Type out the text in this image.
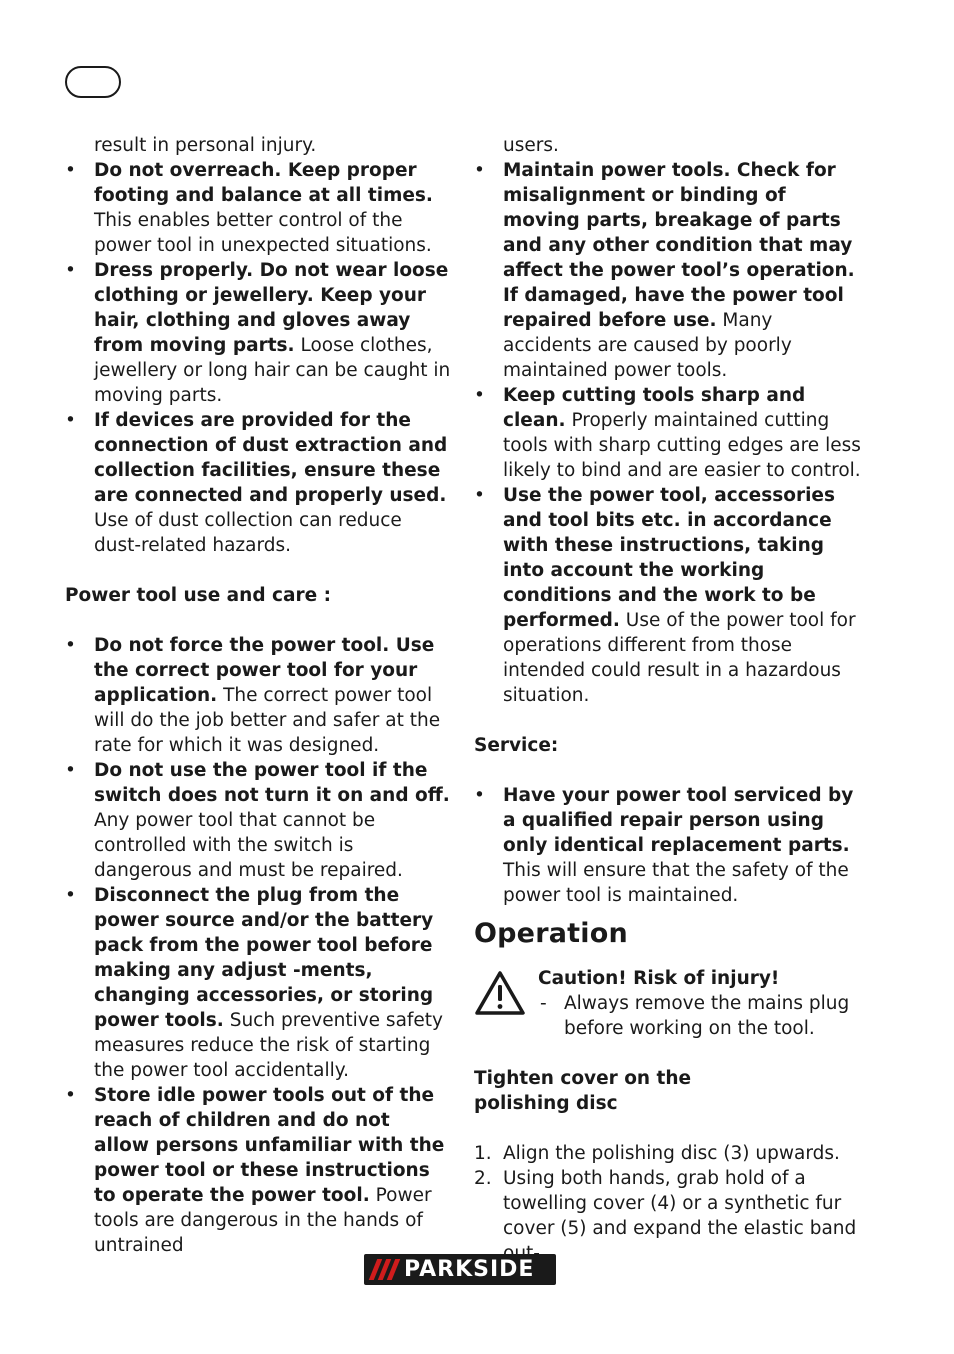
result in personal injury.

• Do not overreach. Keep proper footing and balance at all times. This enables better control of the power tool in unexpected situations.
• Dress properly. Do not wear loose clothing or jewellery. Keep your hair, clothing and gloves away from moving parts. Loose clothes, jewellery or long hair can be caught in moving parts.
• If devices are provided for the connection of dust extraction and collection facilities, ensure these are connected and properly used. Use of dust collection can reduce dust-related hazards.

Power tool use and care :

• Do not force the power tool. Use the correct power tool for your application. The correct power tool will do the job better and safer at the rate for which it was designed.
• Do not use the power tool if the switch does not turn it on and off. Any power tool that cannot be controlled with the switch is dangerous and must be repaired.
• Disconnect the plug from the power source and/or the battery pack from the power tool before making any adjust -ments, changing accessories, or storing power tools. Such preventive safety measures reduce the risk of starting the power tool accidentally.
• Store idle power tools out of the reach of children and do not allow persons unfamiliar with the power tool or these instructions to operate the power tool. Power tools are dangerous in the hands of untrained

users.

• Maintain power tools. Check for misalignment or binding of moving parts, breakage of parts and any other condition that may affect the power tool’s operation. If damaged, have the power tool repaired before use. Many accidents are caused by poorly maintained power tools.
• Keep cutting tools sharp and clean. Properly maintained cutting tools with sharp cutting edges are less likely to bind and are easier to control.
• Use the power tool, accessories and tool bits etc. in accordance with these instructions, taking into account the working conditions and the work to be performed. Use of the power tool for operations different from those intended could result in a hazardous situation.

Service:

• Have your power tool serviced by a qualified repair person using only identical replacement parts. This will ensure that the safety of the power tool is maintained.
Operation

Caution! Risk of injury!

- Always remove the mains plug before working on the tool.

Tighten cover on the
polishing disc

1. Align the polishing disc (3) upwards.
2. Using both hands, grab hold of a towelling cover (4) or a synthetic fur cover (5) and expand the elastic band
PARKSIDE
